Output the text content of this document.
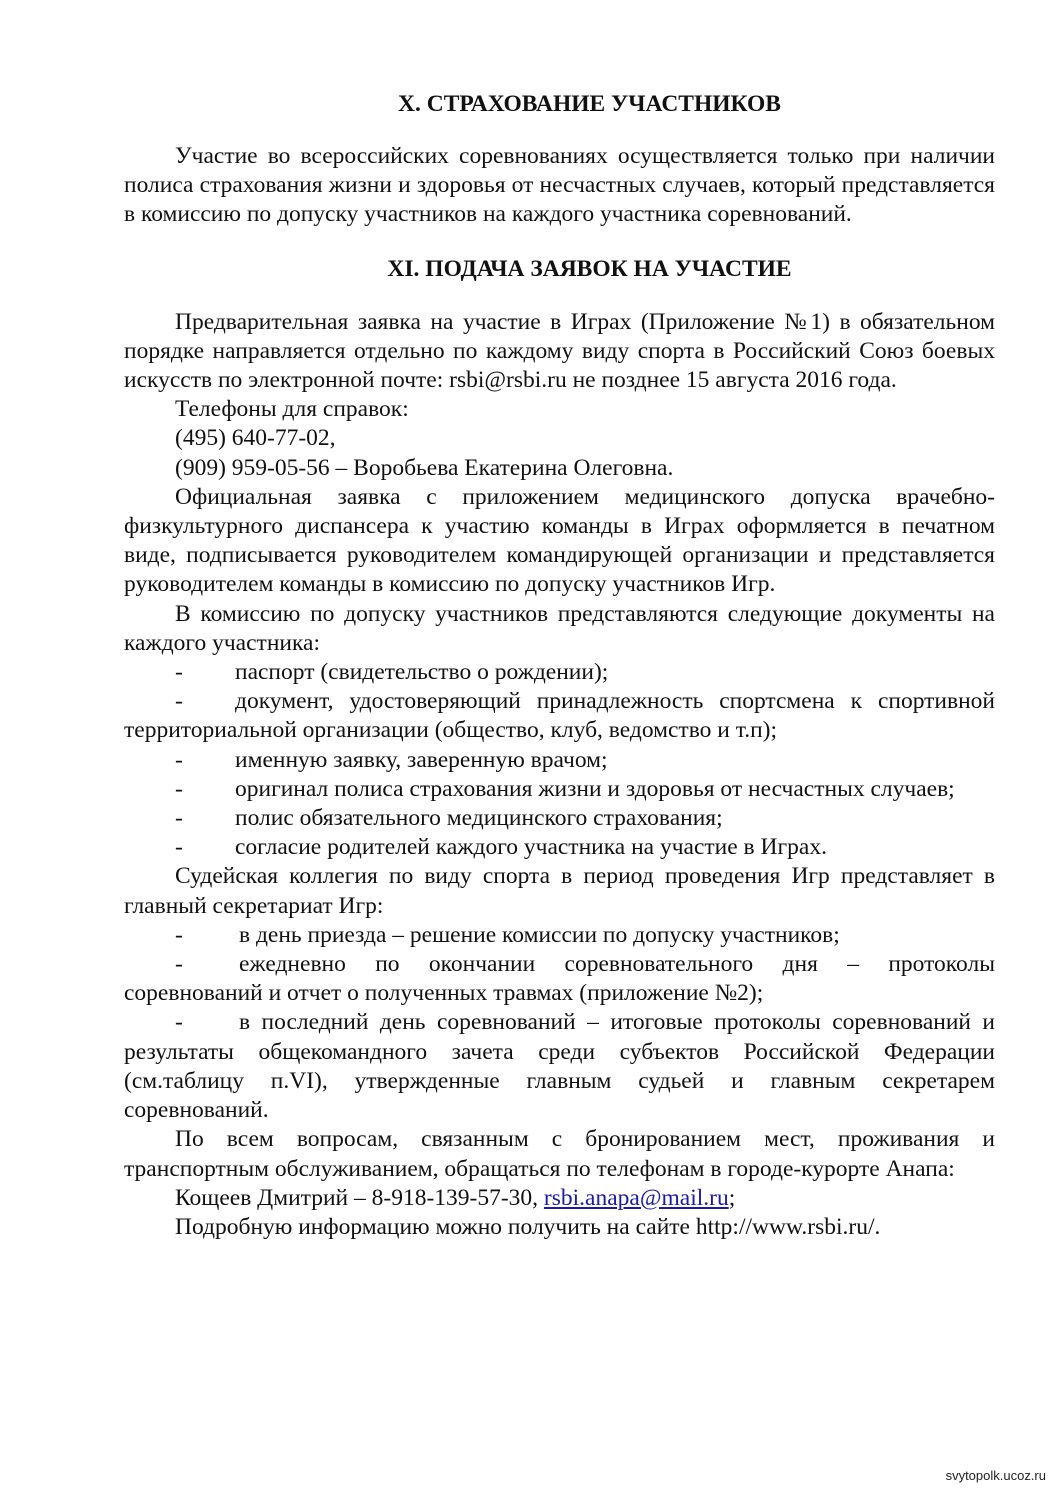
X. СТРАХОВАНИЕ УЧАСТНИКОВ

Участие во всероссийских соревнованиях осуществляется только при наличии полиса страхования жизни и здоровья от несчастных случаев, который представляется в комиссию по допуску участников на каждого участника соревнований.

XI. ПОДАЧА ЗАЯВОК НА УЧАСТИЕ

Предварительная заявка на участие в Играх (Приложение №1) в обязательном порядке направляется отдельно по каждому виду спорта в Российский Союз боевых искусств по электронной почте: rsbi@rsbi.ru не позднее 15 августа 2016 года.

Телефоны для справок:

(495) 640-77-02,

(909) 959-05-56 – Воробьева Екатерина Олеговна.

Официальная заявка с приложением медицинского допуска врачебно-физкультурного диспансера к участию команды в Играх оформляется в печатном виде, подписывается руководителем командирующей организации и представляется руководителем команды в комиссию по допуску участников Игр.

В комиссию по допуску участников представляются следующие документы на каждого участника:

- паспорт (свидетельство о рождении);

- документ, удостоверяющий принадлежность спортсмена к спортивной территориальной организации (общество, клуб, ведомство и т.п);

- именную заявку, заверенную врачом;

- оригинал полиса страхования жизни и здоровья от несчастных случаев;

- полис обязательного медицинского страхования;

- согласие родителей каждого участника на участие в Играх.

Судейская коллегия по виду спорта в период проведения Игр представляет в главный секретариат Игр:

- в день приезда – решение комиссии по допуску участников;

- ежедневно по окончании соревновательного дня – протоколы соревнований и отчет о полученных травмах (приложение №2);

- в последний день соревнований – итоговые протоколы соревнований и результаты общекомандного зачета среди субъектов Российской Федерации (см.таблицу п.VI), утвержденные главным судьей и главным секретарем соревнований.

По всем вопросам, связанным с бронированием мест, проживания и транспортным обслуживанием, обращаться по телефонам в городе-курорте Анапа:

Кощеев Дмитрий – 8-918-139-57-30, rsbi.anapa@mail.ru;

Подробную информацию можно получить на сайте http://www.rsbi.ru/.

svytopolk.ucoz.ru
